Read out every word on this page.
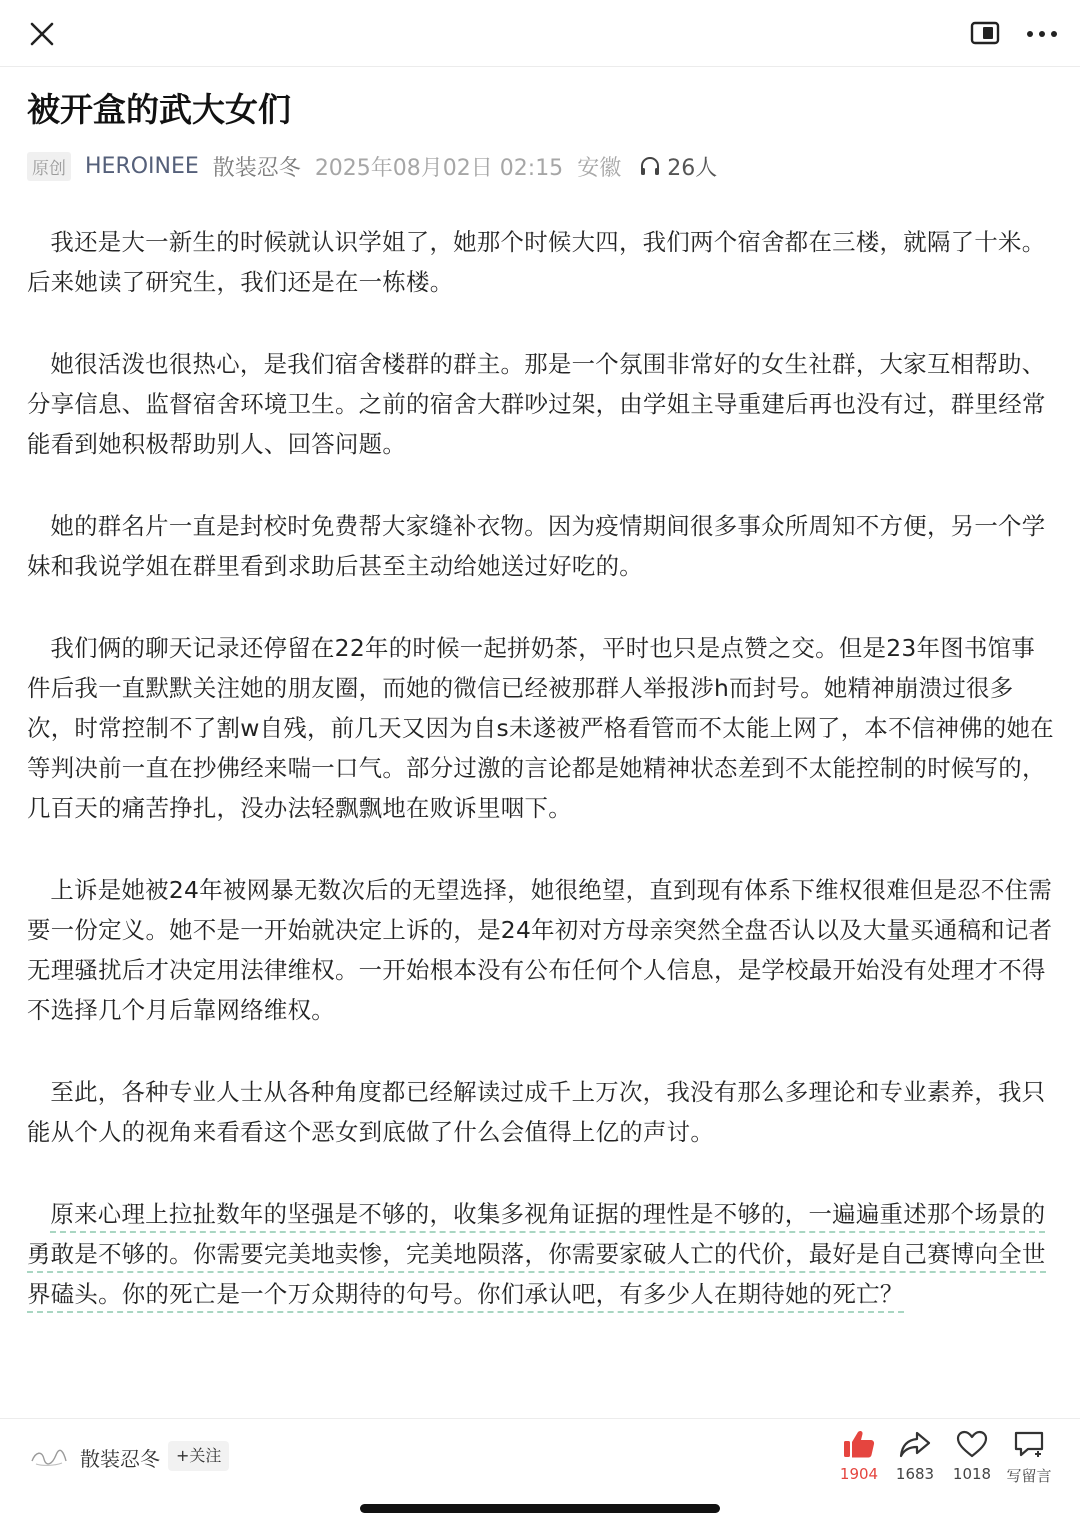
被开盒的武大女们
原创 HEROINEE 散装忍冬 2025年08月02日 02:15 安徽 26人

我还是大一新生的时候就认识学姐了，她那个时候大四，我们两个宿舍都在三楼，就隔了十米。后来她读了研究生，我们还是在一栋楼。

她很活泼也很热心，是我们宿舍楼群的群主。那是一个氛围非常好的女生社群，大家互相帮助、分享信息、监督宿舍环境卫生。之前的宿舍大群吵过架，由学姐主导重建后再也没有过，群里经常能看到她积极帮助别人、回答问题。

她的群名片一直是封校时免费帮大家缝补衣物。因为疫情期间很多事众所周知不方便，另一个学妹和我说学姐在群里看到求助后甚至主动给她送过好吃的。

我们俩的聊天记录还停留在22年的时候一起拼奶茶，平时也只是点赞之交。但是23年图书馆事件后我一直默默关注她的朋友圈，而她的微信已经被那群人举报涉h而封号。她精神崩溃过很多次，时常控制不了割w自残，前几天又因为自s未遂被严格看管而不太能上网了，本不信神佛的她在等判决前一直在抄佛经来喘一口气。部分过激的言论都是她精神状态差到不太能控制的时候写的，几百天的痛苦挣扎，没办法轻飘飘地在败诉里咽下。

上诉是她被24年被网暴无数次后的无望选择，她很绝望，直到现有体系下维权很难但是忍不住需要一份定义。她不是一开始就决定上诉的，是24年初对方母亲突然全盘否认以及大量买通稿和记者无理骚扰后才决定用法律维权。一开始根本没有公布任何个人信息，是学校最开始没有处理才不得不选择几个月后靠网络维权。

至此，各种专业人士从各种角度都已经解读过成千上万次，我没有那么多理论和专业素养，我只能从个人的视角来看看这个恶女到底做了什么会值得上亿的声讨。

原来心理上拉扯数年的坚强是不够的，收集多视角证据的理性是不够的，一遍遍重述那个场景的勇敢是不够的。你需要完美地卖惨，完美地陨落，你需要家破人亡的代价，最好是自己赛博向全世界磕头。你的死亡是一个万众期待的句号。你们承认吧，有多少人在期待她的死亡？

散装忍冬	+关注
1904	1683	1018	写留言
